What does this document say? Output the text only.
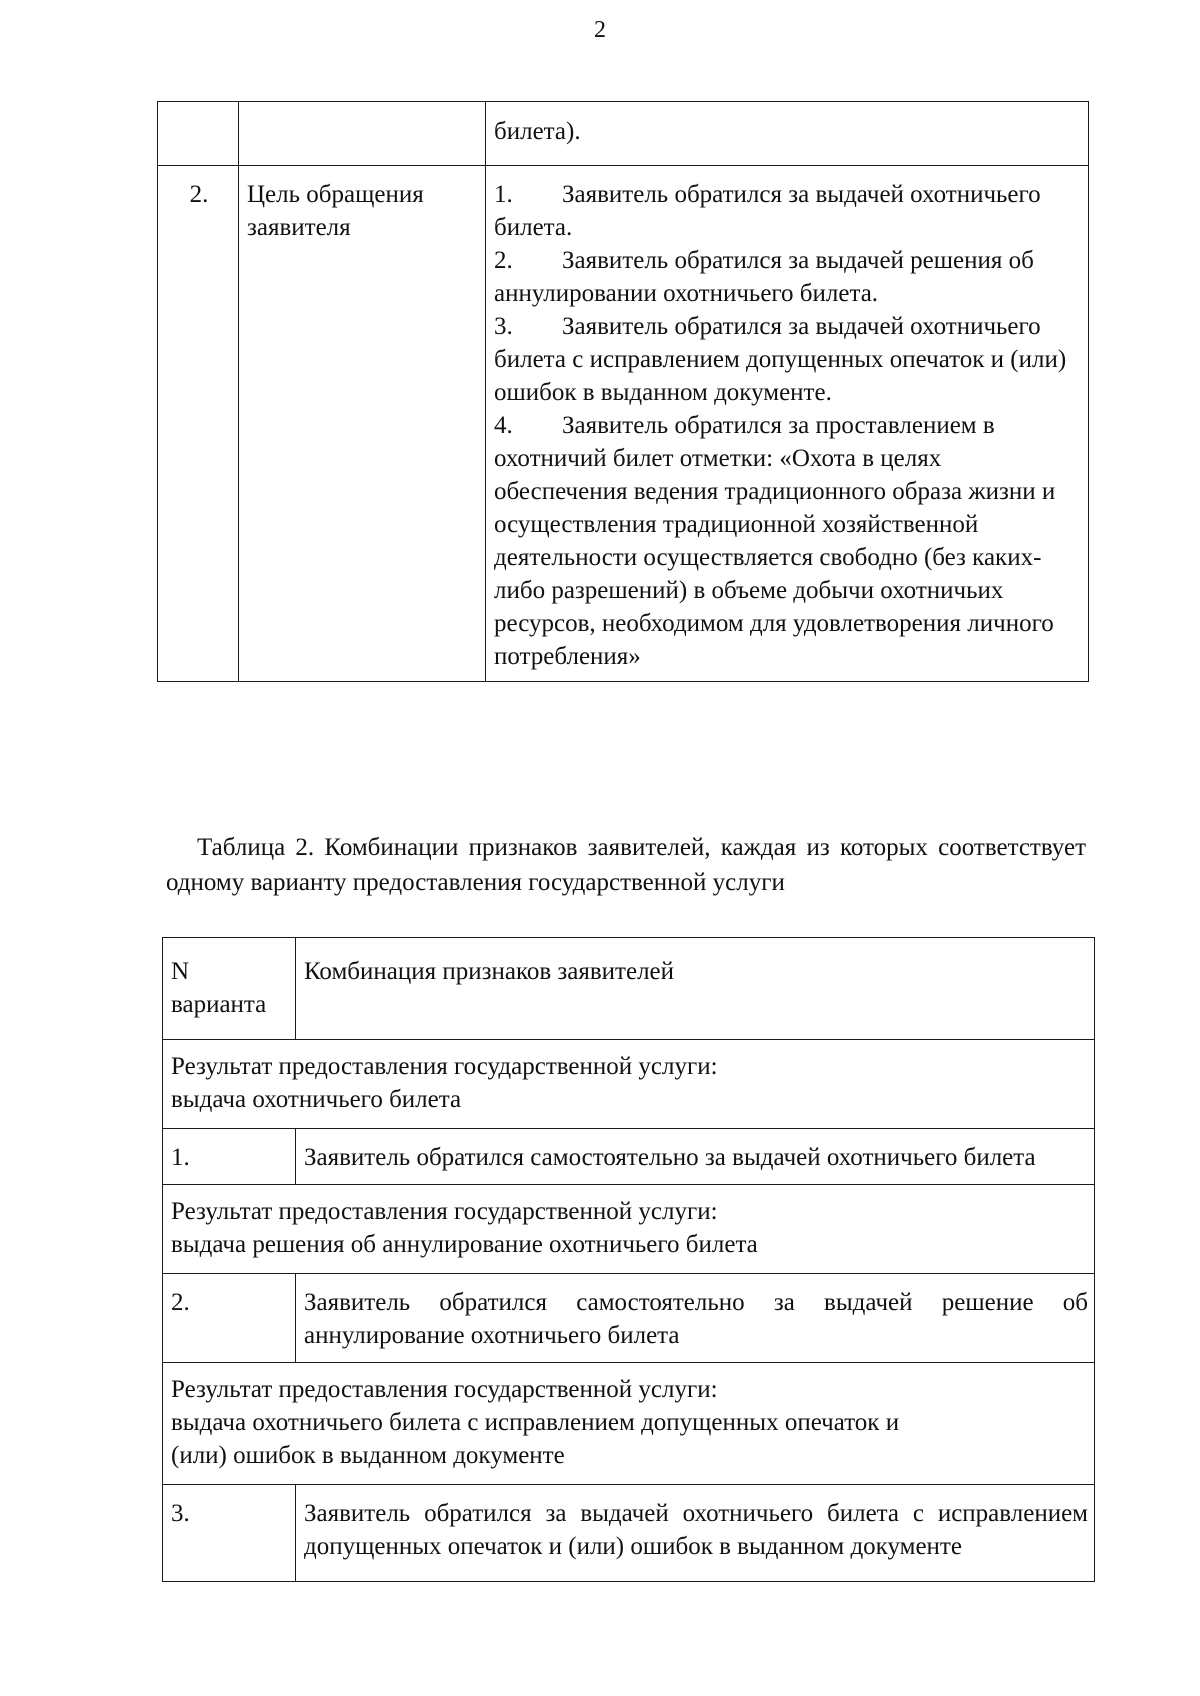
2
		билета).
2.	Цель обращения заявителя	1. Заявитель обратился за выдачей охотничьего билета.

2. Заявитель обратился за выдачей решения об аннулировании охотничьего билета.

3. Заявитель обратился за выдачей охотничьего билета с исправлением допущенных опечаток и (или) ошибок в выданном документе.

4. Заявитель обратился за проставлением в охотничий билет отметки: «Охота в целях обеспечения ведения традиционного образа жизни и осуществления традиционной хозяйственной деятельности осуществляется свободно (без каких-либо разрешений) в объеме добычи охотничьих ресурсов, необходимом для удовлетворения личного потребления»

Таблица 2. Комбинации признаков заявителей, каждая из которых соответствует одному варианту предоставления государственной услуги
N варианта	Комбинация признаков заявителей
Результат предоставления государственной услуги:
выдача охотничьего билета	
1.	Заявитель обратился самостоятельно за выдачей охотничьего билета
Результат предоставления государственной услуги:
выдача решения об аннулирование охотничьего билета	
2.	Заявитель обратился самостоятельно за выдачей решение об аннулирование охотничьего билета
Результат предоставления государственной услуги:
выдача охотничьего билета с исправлением допущенных опечаток и
(или) ошибок в выданном документе	
3.	Заявитель обратился за выдачей охотничьего билета с исправлением допущенных опечаток и (или) ошибок в выданном документе
